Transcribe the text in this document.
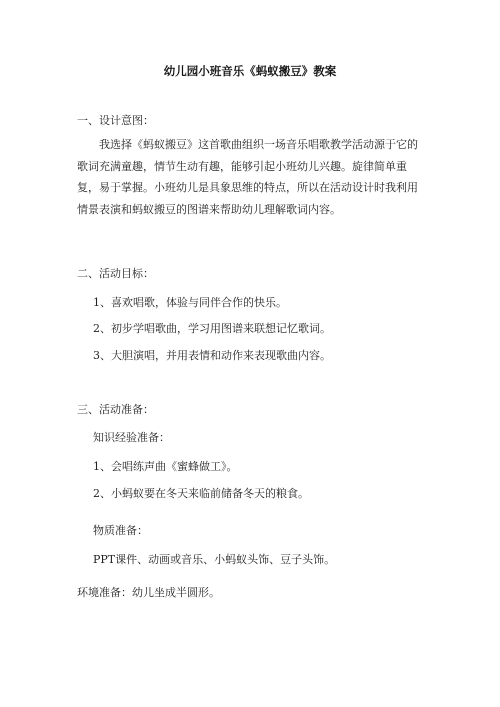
幼儿园小班音乐《蚂蚁搬豆》教案
一、设计意图：
我选择《蚂蚁搬豆》这首歌曲组织一场音乐唱歌教学活动源于它的歌词充满童趣，情节生动有趣，能够引起小班幼儿兴趣。旋律简单重复，易于掌握。小班幼儿是具象思维的特点，所以在活动设计时我利用情景表演和蚂蚁搬豆的图谱来帮助幼儿理解歌词内容。
二、活动目标：
1、喜欢唱歌，体验与同伴合作的快乐。
2、初步学唱歌曲，学习用图谱来联想记忆歌词。
3、大胆演唱，并用表情和动作来表现歌曲内容。
三、活动准备：
知识经验准备：
1、会唱练声曲《蜜蜂做工》。
2、小蚂蚁要在冬天来临前储备冬天的粮食。
物质准备：
PPT课件、动画或音乐、小蚂蚁头饰、豆子头饰。
环境准备：幼儿坐成半圆形。
